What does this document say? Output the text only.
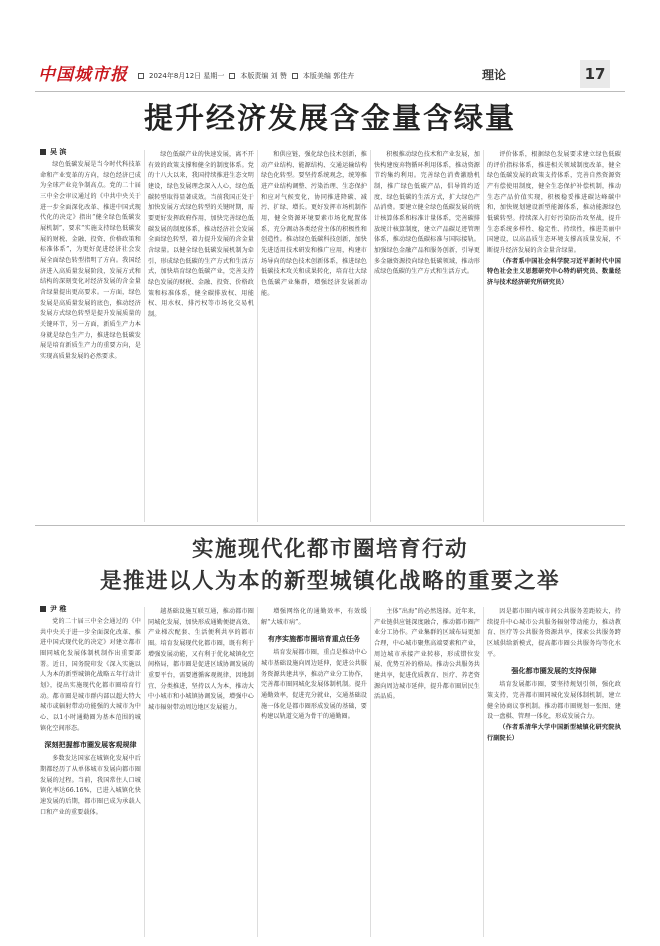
中国城市报	2024年8月12日 星期一 本版责编 刘 赞 本版美编 郭佳卉	理论	17
提升经济发展含金量含绿量
吴 滨

绿色低碳发展是当今时代科技革命和产业变革的方向，绿色经济已成为全球产业竞争制高点。党的二十届三中全会审议通过的《中共中央关于进一步全面深化改革、推进中国式现代化的决定》指出“健全绿色低碳发展机制”，要求“实施支持绿色低碳发展的财税、金融、投资、价格政策和标准体系”，为更好促进经济社会发展全面绿色转型指明了方向。我国经济进入高质量发展阶段，发展方式和结构的深刻变化对经济发展的含金量含绿量提出更高要求。一方面，绿色发展是高质量发展的底色，推动经济发展方式绿色转型是提升发展质量的关键环节，另一方面，新质生产力本身就是绿色生产力，推进绿色低碳发展是培育新质生产力的重要方向，是实现高质量发展的必然要求。

绿色低碳产业的快速发展，离不开有效的政策支撑和健全的制度体系。党的十八大以来，我国持续推进生态文明建设，绿色发展理念深入人心，绿色低碳转型取得显著成效。当前我国正处于加快发展方式绿色转型的关键时期，需要更好发挥政府作用，加快完善绿色低碳发展的制度体系，推动经济社会发展全面绿色转型，着力提升发展的含金量含绿量。以健全绿色低碳发展机制为牵引，形成绿色低碳的生产方式和生活方式，加快培育绿色低碳产业，完善支持绿色发展的财税、金融、投资、价格政策和标准体系，健全碳排放权、用能权、用水权、排污权等市场化交易机制。

和供应链，强化绿色技术创新，推动产业结构、能源结构、交通运输结构绿色化转型。要坚持系统观念，统筹推进产业结构调整、污染治理、生态保护和应对气候变化，协同推进降碳、减污、扩绿、增长。更好发挥市场机制作用，健全资源环境要素市场化配置体系，充分调动各类经营主体的积极性和创造性。推动绿色低碳科技创新，加快先进适用技术研发和推广应用，构建市场导向的绿色技术创新体系，推进绿色低碳技术攻关和成果转化，培育壮大绿色低碳产业集群，增强经济发展新动能。

积极推动绿色技术和产业发展，加快构建废弃物循环利用体系，推动资源节约集约利用。完善绿色消费激励机制，推广绿色低碳产品，倡导简约适度、绿色低碳的生活方式，扩大绿色产品消费。要建立健全绿色低碳发展的统计核算体系和标准计量体系，完善碳排放统计核算制度，建立产品碳足迹管理体系，推动绿色低碳标准与国际接轨。加强绿色金融产品和服务创新，引导更多金融资源投向绿色低碳领域，推动形成绿色低碳的生产方式和生活方式。

评价体系，根据绿色发展要求建立绿色低碳的评价指标体系，推进相关领域制度改革，健全绿色低碳发展的政策支持体系，完善自然资源资产有偿使用制度，健全生态保护补偿机制，推动生态产品价值实现，积极稳妥推进碳达峰碳中和，加快规划建设新型能源体系，推动能源绿色低碳转型。持续深入打好污染防治攻坚战，提升生态系统多样性、稳定性、持续性，推进美丽中国建设，以高品质生态环境支撑高质量发展，不断提升经济发展的含金量含绿量。

（作者系中国社会科学院习近平新时代中国特色社会主义思想研究中心特约研究员、数量经济与技术经济研究所研究员）

实施现代化都市圈培育行动
是推进以人为本的新型城镇化战略的重要之举
尹 稚

党的二十届三中全会通过的《中共中央关于进一步全面深化改革、推进中国式现代化的决定》对建立都市圈同城化发展体制机制作出重要部署。近日，国务院印发《深入实施以人为本的新型城镇化战略五年行动计划》，提出实施现代化都市圈培育行动。都市圈是城市群内部以超大特大城市或辐射带动功能强的大城市为中心、以1小时通勤圈为基本范围的城镇化空间形态。

深刻把握都市圈发展客观规律

多数发达国家在城镇化发展中后期都经历了从单体城市发展向都市圈发展的过程。当前，我国常住人口城镇化率达66.16%，已进入城镇化快速发展的后期，都市圈已成为承载人口和产业的重要载体。

越基础设施互联互通，推动都市圈同城化发展，加快形成通勤便捷高效、产业梯次配套、生活便利共享的都市圈。培育发展现代化都市圈，既有利于增强发展动能，又有利于优化城镇化空间格局，都市圈是促进区域协调发展的重要平台，需要遵循客观规律，因地制宜、分类推进，坚持以人为本，推动大中小城市和小城镇协调发展，增强中心城市辐射带动周边地区发展能力。

增强网络化的通勤效率，有效缓解“大城市病”。

有序实施都市圈培育重点任务

培育发展都市圈，重点是推动中心城市基础设施向周边延伸，促进公共服务资源共建共享，推动产业分工协作，完善都市圈同城化发展体制机制。提升通勤效率，促进充分就业，交通基础设施一体化是都市圈形成发展的基础，要构建以轨道交通为骨干的通勤圈。

主体“出海”的必然选择。近年来，产业链供应链深度融合，推动都市圈产业分工协作。产业集群的区域布局更加合理，中心城市聚焦高端要素和产业，周边城市承接产业转移，形成错位发展、优势互补的格局。推动公共服务共建共享，促进优质教育、医疗、养老资源向周边城市延伸，提升都市圈居民生活品质。

因是都市圈内城市间公共服务差距较大，持续提升中心城市公共服务辐射带动能力，推动教育、医疗等公共服务资源共享，探索公共服务跨区域供给新模式，提高都市圈公共服务均等化水平。

强化都市圈发展的支持保障

培育发展都市圈，要坚持规划引领，强化政策支持，完善都市圈同城化发展体制机制，建立健全协商议事机制。推动都市圈规划一张图、建设一盘棋、管理一体化，形成发展合力。

（作者系清华大学中国新型城镇化研究院执行副院长）
